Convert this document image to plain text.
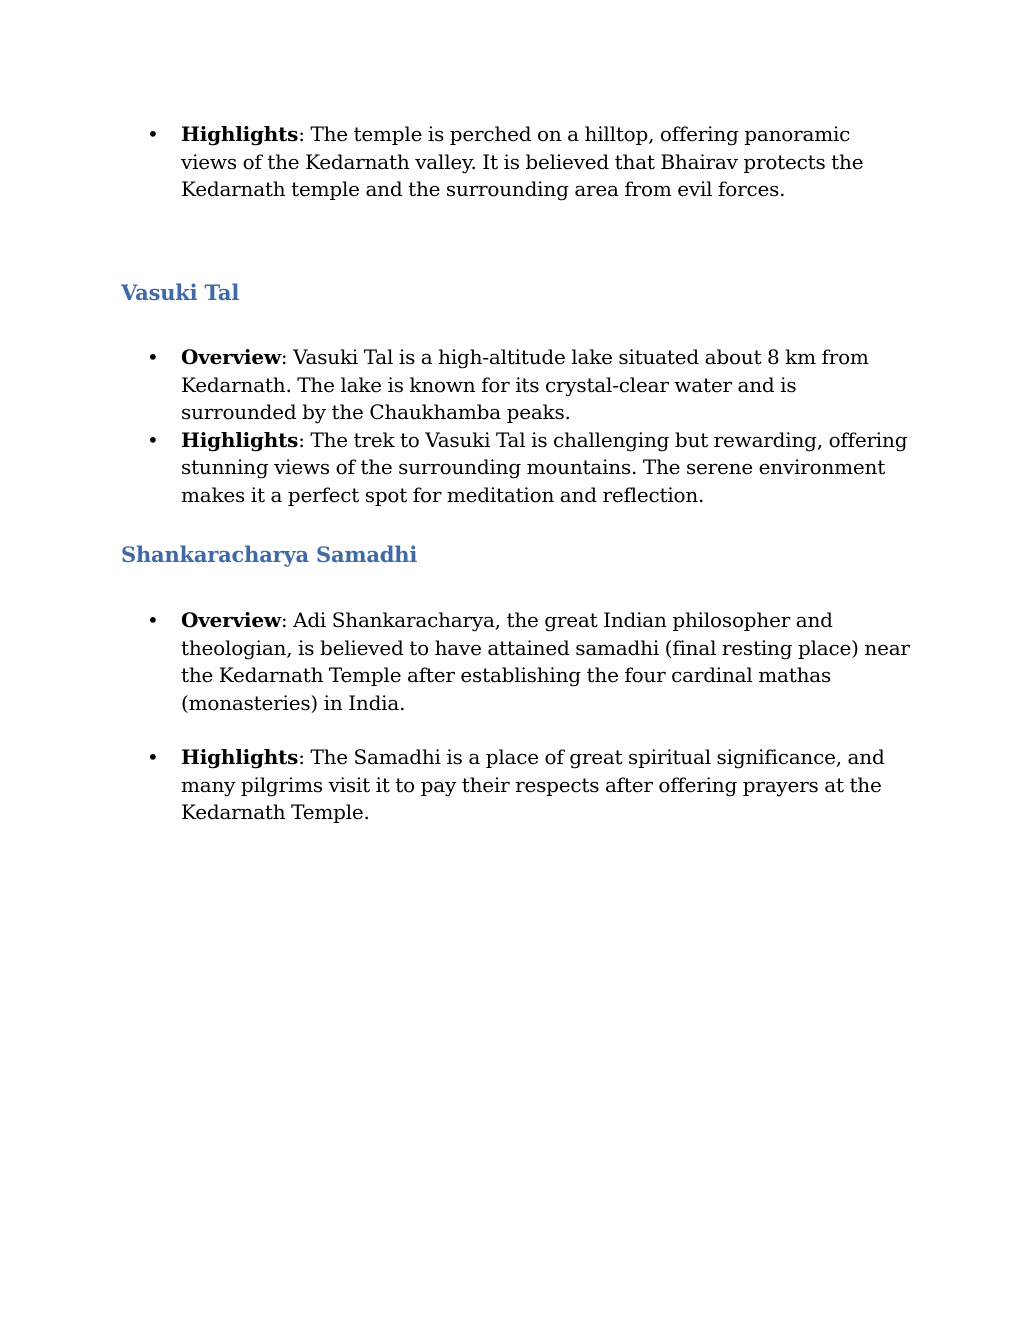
• Highlights: The temple is perched on a hilltop, offering panoramic views of the Kedarnath valley. It is believed that Bhairav protects the Kedarnath temple and the surrounding area from evil forces.
Vasuki Tal
• Overview: Vasuki Tal is a high-altitude lake situated about 8 km from Kedarnath. The lake is known for its crystal-clear water and is surrounded by the Chaukhamba peaks.
• Highlights: The trek to Vasuki Tal is challenging but rewarding, offering stunning views of the surrounding mountains. The serene environment makes it a perfect spot for meditation and reflection.
Shankaracharya Samadhi
• Overview: Adi Shankaracharya, the great Indian philosopher and theologian, is believed to have attained samadhi (final resting place) near the Kedarnath Temple after establishing the four cardinal mathas (monasteries) in India.
• Highlights: The Samadhi is a place of great spiritual significance, and many pilgrims visit it to pay their respects after offering prayers at the Kedarnath Temple.
